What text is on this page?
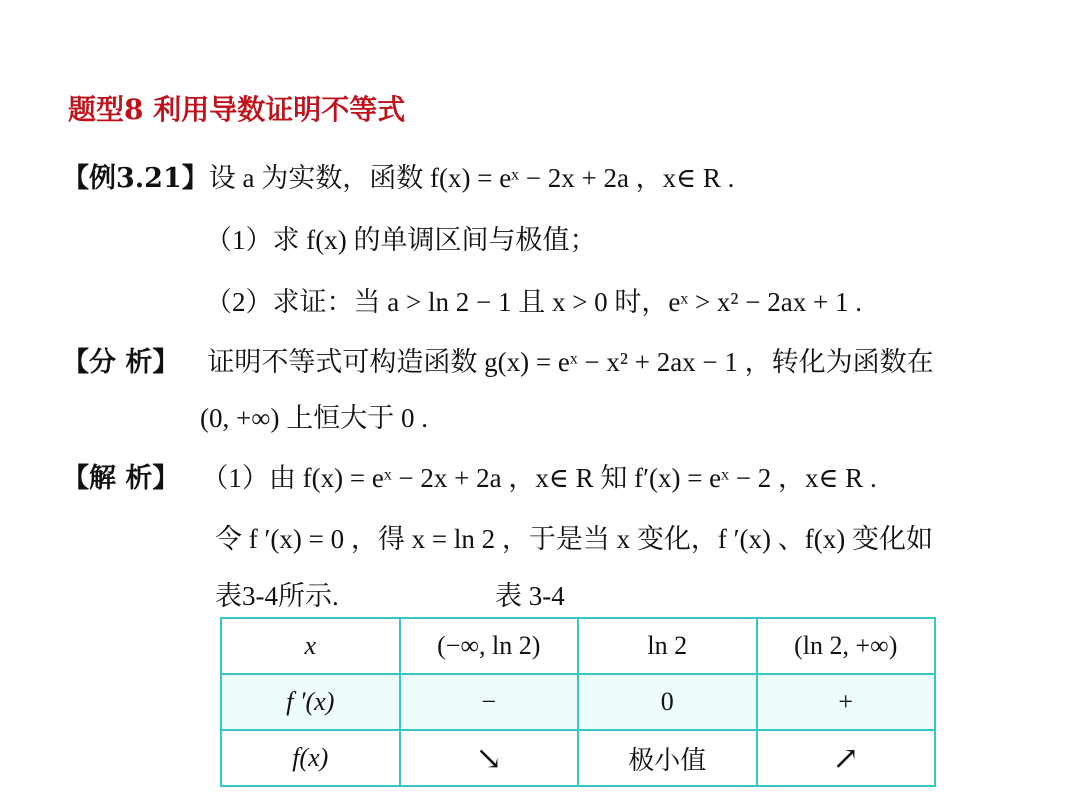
题型8 利用导数证明不等式
【例3.21】设 a 为实数，函数 f(x) = eˣ − 2x + 2a ，x∈ R .
（1）求 f(x) 的单调区间与极值；
（2）求证：当 a > ln 2 − 1 且 x > 0 时，eˣ > x² − 2ax + 1 .
【分 析】 证明不等式可构造函数 g(x) = eˣ − x² + 2ax − 1 ，转化为函数在
(0, +∞) 上恒大于 0 .
【解 析】 （1）由 f(x) = eˣ − 2x + 2a ，x∈ R 知 f′(x) = eˣ − 2 ，x∈ R .
令 f ′(x) = 0 ，得 x = ln 2 ，于是当 x 变化，f ′(x) 、f(x) 变化如
表3-4所示.	表 3-4
x	(−∞, ln 2)	ln 2	(ln 2, +∞)
f ′(x)	−	0	+
f(x)	↘	极小值	↗
